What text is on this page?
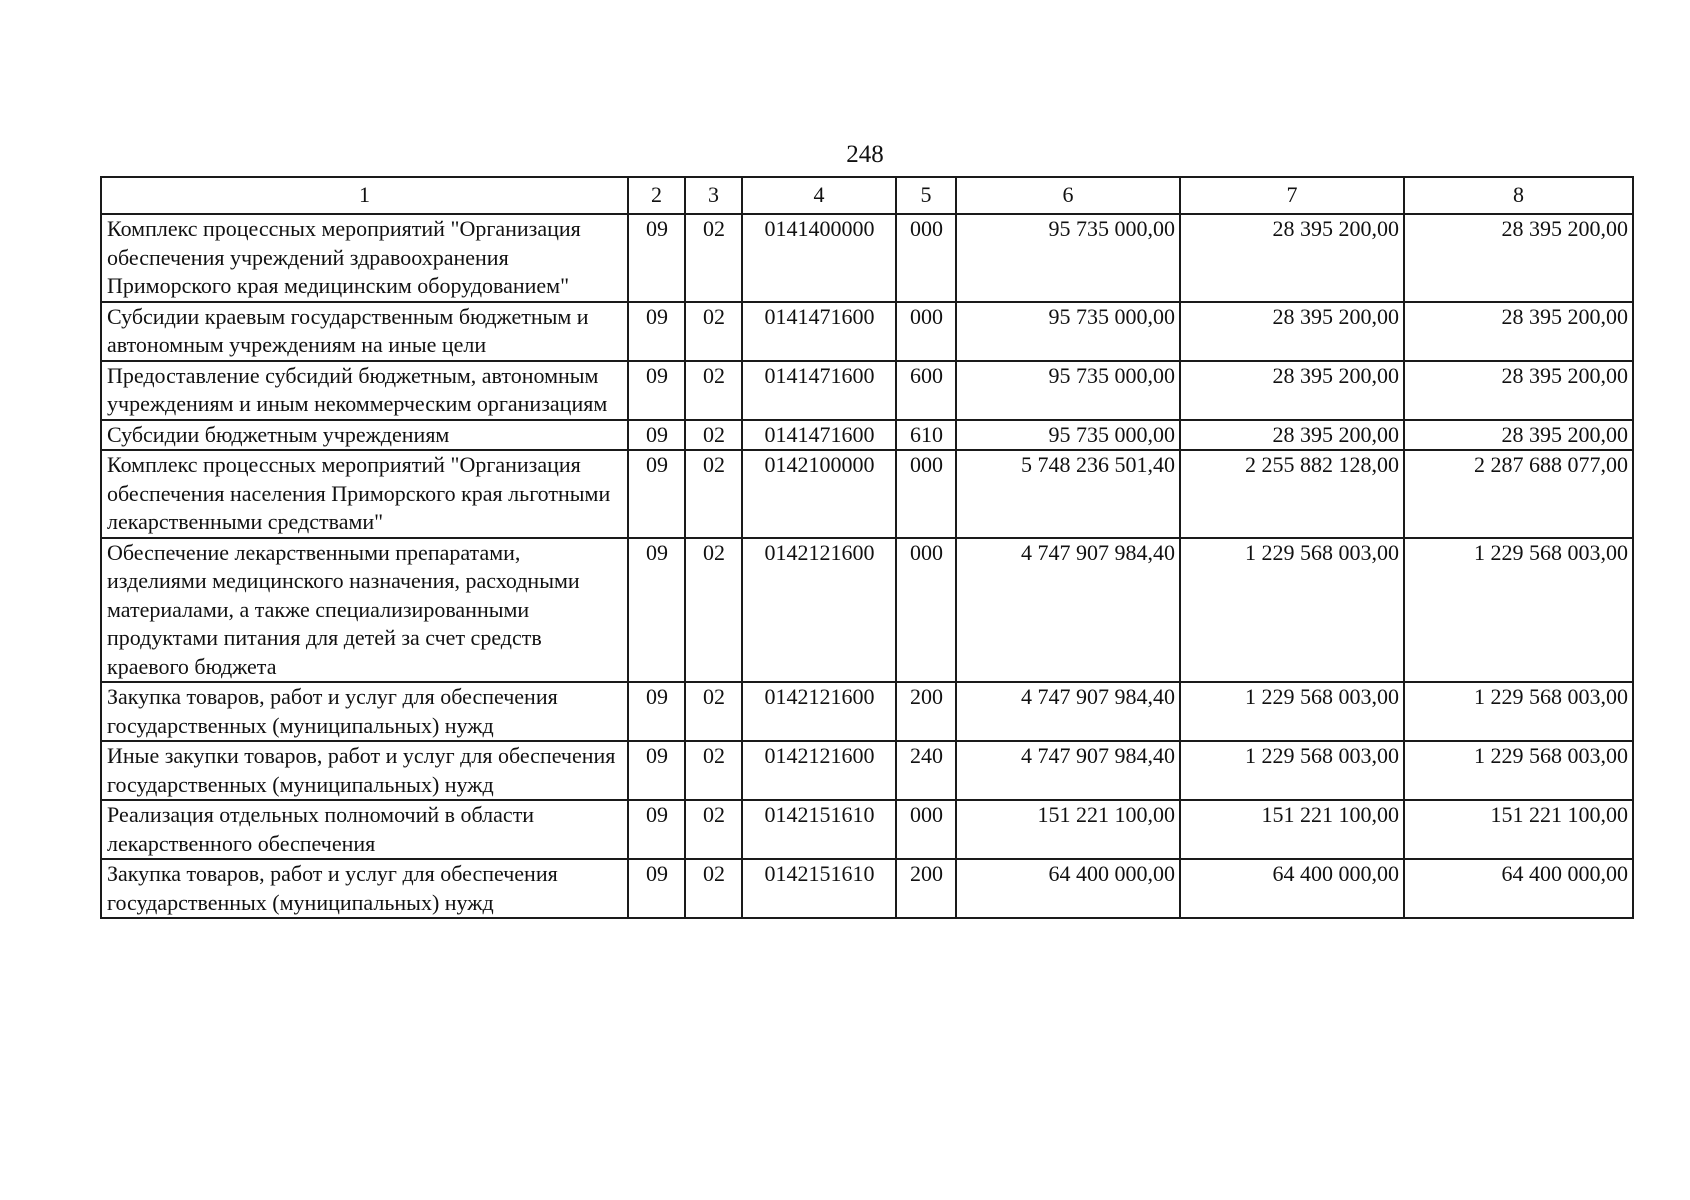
248
1	2	3	4	5	6	7	8
Комплекс процессных мероприятий "Организация обеспечения учреждений здравоохранения Приморского края медицинским оборудованием"	09	02	0141400000	000	95 735 000,00	28 395 200,00	28 395 200,00
Субсидии краевым государственным бюджетным и автономным учреждениям на иные цели	09	02	0141471600	000	95 735 000,00	28 395 200,00	28 395 200,00
Предоставление субсидий бюджетным, автономным учреждениям и иным некоммерческим организациям	09	02	0141471600	600	95 735 000,00	28 395 200,00	28 395 200,00
Субсидии бюджетным учреждениям	09	02	0141471600	610	95 735 000,00	28 395 200,00	28 395 200,00
Комплекс процессных мероприятий "Организация обеспечения населения Приморского края льготными лекарственными средствами"	09	02	0142100000	000	5 748 236 501,40	2 255 882 128,00	2 287 688 077,00
Обеспечение лекарственными препаратами, изделиями медицинского назначения, расходными материалами, а также специализированными продуктами питания для детей за счет средств краевого бюджета	09	02	0142121600	000	4 747 907 984,40	1 229 568 003,00	1 229 568 003,00
Закупка товаров, работ и услуг для обеспечения государственных (муниципальных) нужд	09	02	0142121600	200	4 747 907 984,40	1 229 568 003,00	1 229 568 003,00
Иные закупки товаров, работ и услуг для обеспечения государственных (муниципальных) нужд	09	02	0142121600	240	4 747 907 984,40	1 229 568 003,00	1 229 568 003,00
Реализация отдельных полномочий в области лекарственного обеспечения	09	02	0142151610	000	151 221 100,00	151 221 100,00	151 221 100,00
Закупка товаров, работ и услуг для обеспечения государственных (муниципальных) нужд	09	02	0142151610	200	64 400 000,00	64 400 000,00	64 400 000,00
